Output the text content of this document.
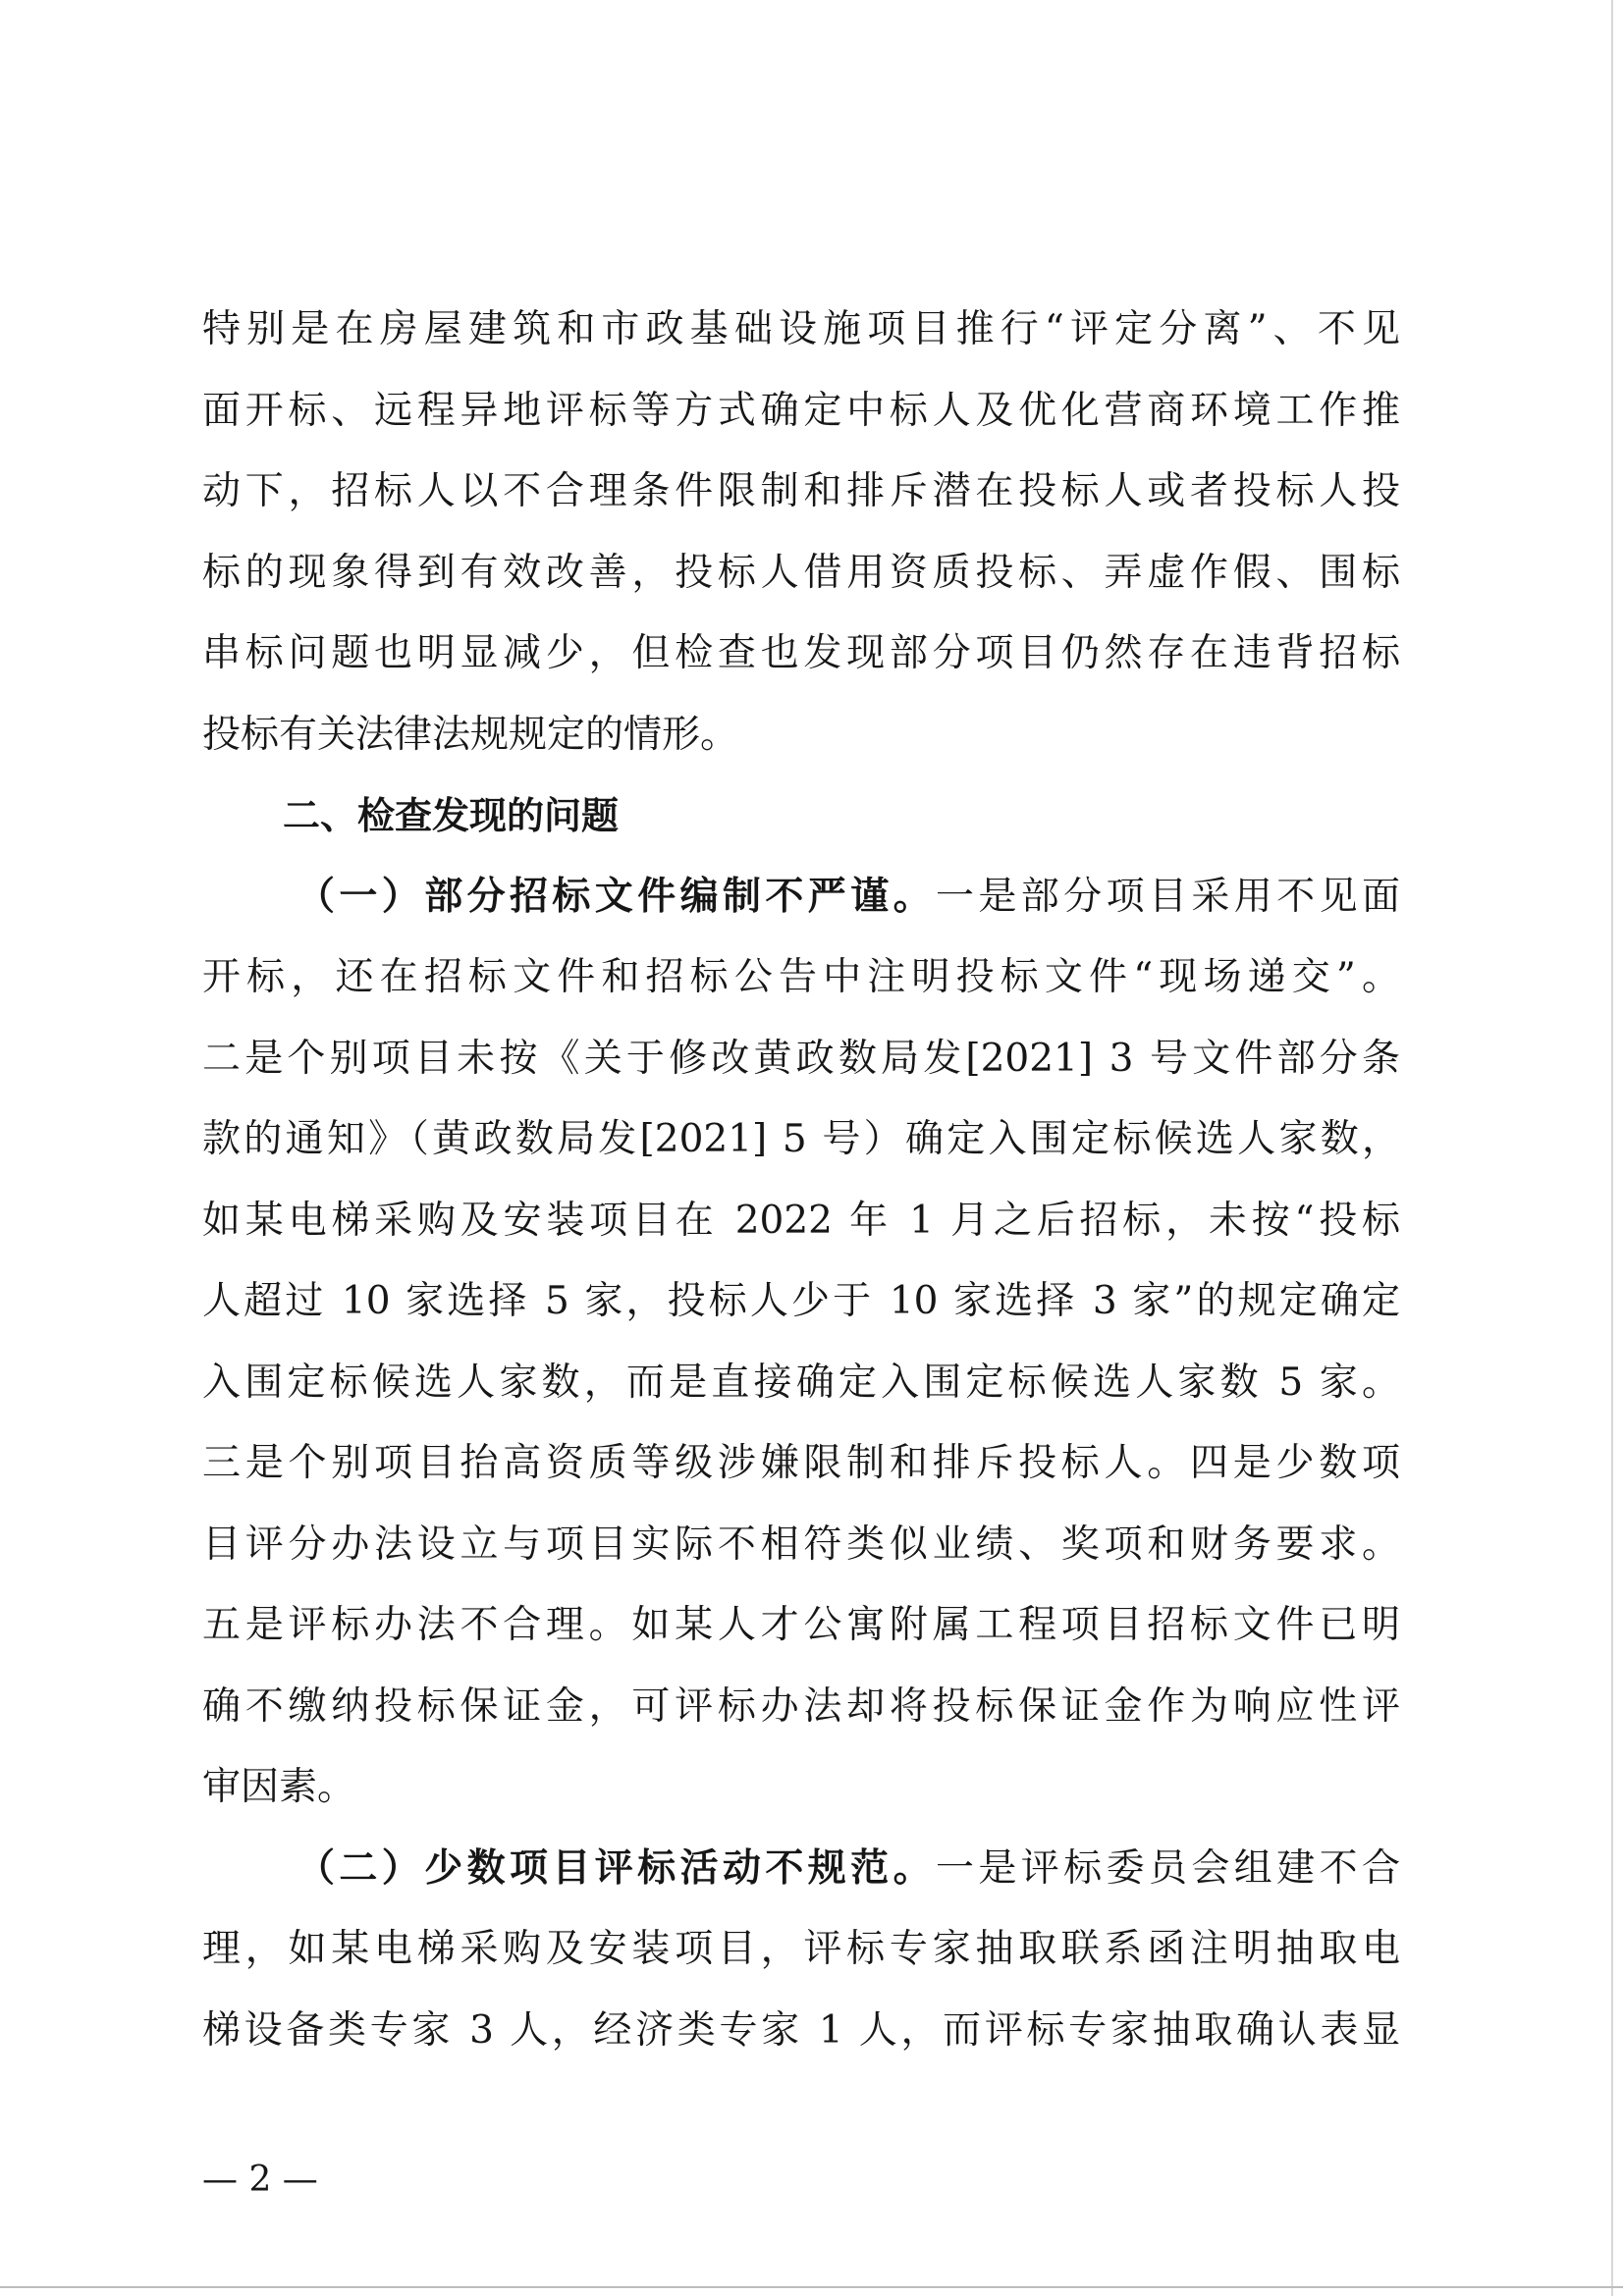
特别是在房屋建筑和市政基础设施项目推行“评定分离”、不见
面开标、远程异地评标等方式确定中标人及优化营商环境工作推
动下，招标人以不合理条件限制和排斥潜在投标人或者投标人投
标的现象得到有效改善，投标人借用资质投标、弄虚作假、围标
串标问题也明显减少，但检查也发现部分项目仍然存在违背招标
投标有关法律法规规定的情形。
二、检查发现的问题
（一）部分招标文件编制不严谨。一是部分项目采用不见面
开标，还在招标文件和招标公告中注明投标文件“现场递交”。
二是个别项目未按《关于修改黄政数局发[2021] 3 号文件部分条
款的通知》（黄政数局发[2021] 5 号）确定入围定标候选人家数，
如某电梯采购及安装项目在 2022 年 1 月之后招标，未按“投标
人超过 10 家选择 5 家，投标人少于 10 家选择 3 家”的规定确定
入围定标候选人家数，而是直接确定入围定标候选人家数 5 家。
三是个别项目抬高资质等级涉嫌限制和排斥投标人。四是少数项
目评分办法设立与项目实际不相符类似业绩、奖项和财务要求。
五是评标办法不合理。如某人才公寓附属工程项目招标文件已明
确不缴纳投标保证金，可评标办法却将投标保证金作为响应性评
审因素。
（二）少数项目评标活动不规范。一是评标委员会组建不合
理，如某电梯采购及安装项目，评标专家抽取联系函注明抽取电
梯设备类专家 3 人，经济类专家 1 人，而评标专家抽取确认表显
— 2 —
